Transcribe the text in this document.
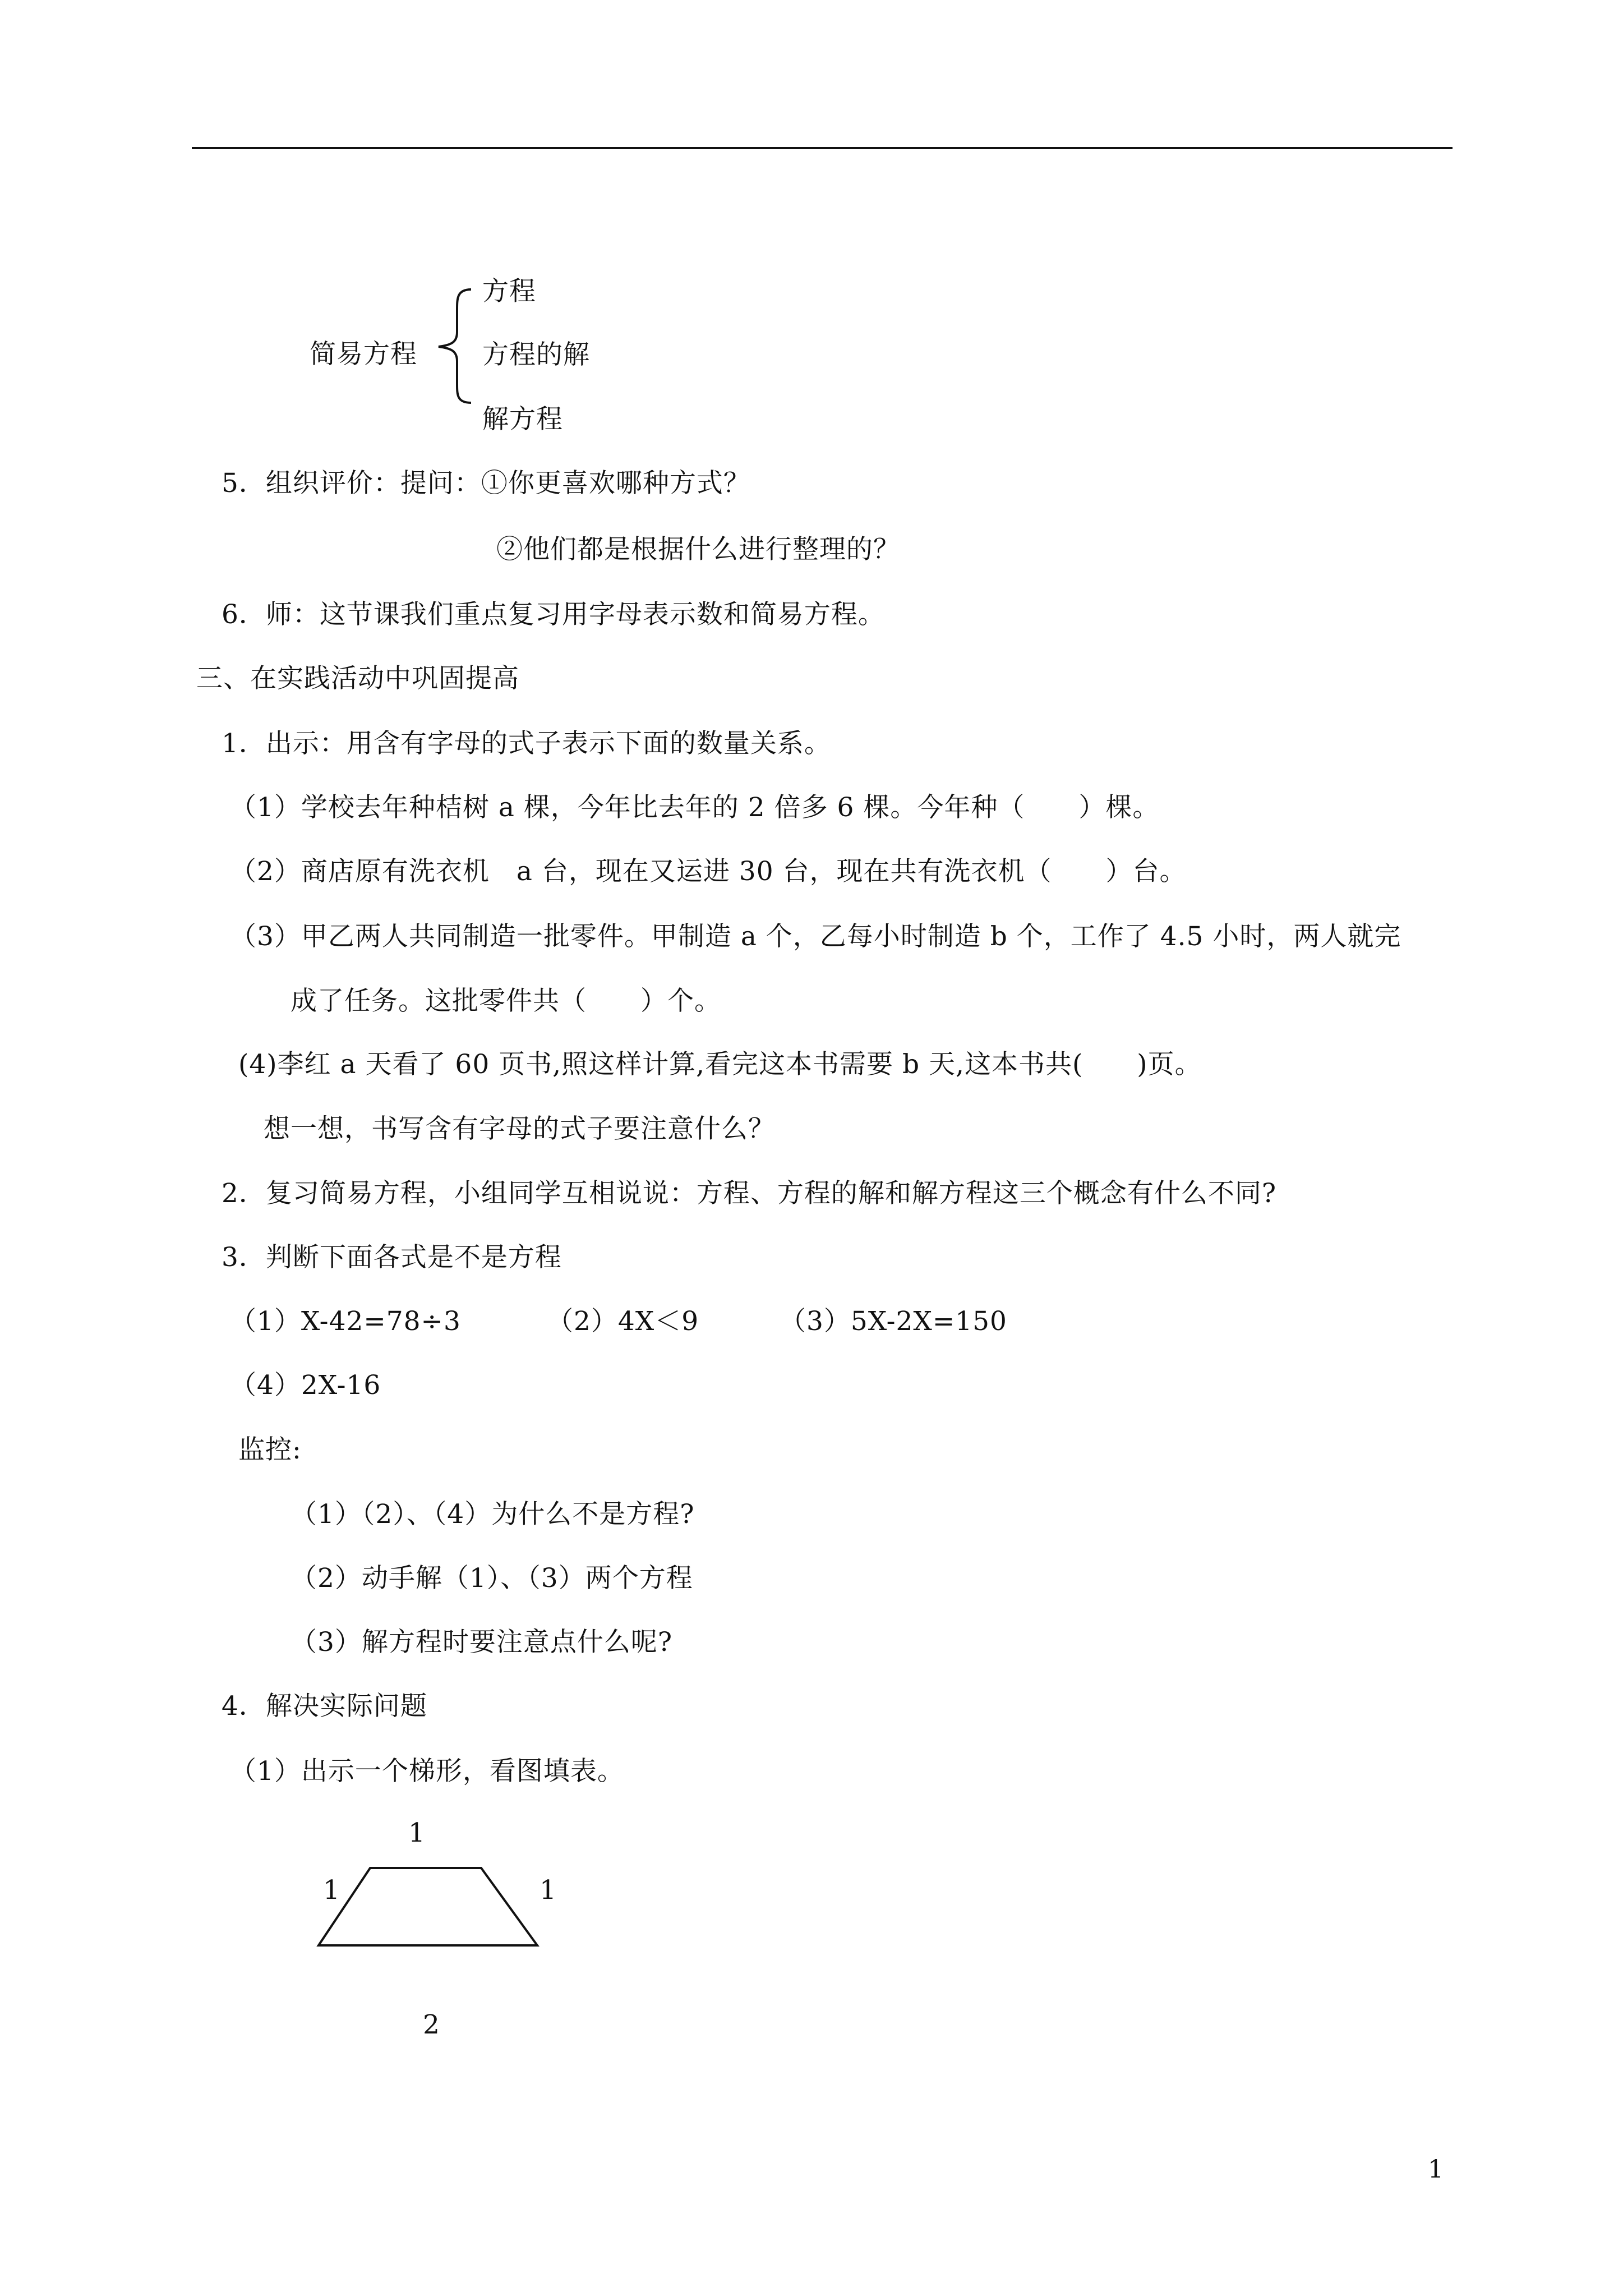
简易方程
方程
方程的解
解方程
5．组织评价：提问：①你更喜欢哪种方式？
②他们都是根据什么进行整理的？
6．师：这节课我们重点复习用字母表示数和简易方程。
三、在实践活动中巩固提高
1．出示：用含有字母的式子表示下面的数量关系。
（1）学校去年种桔树 a 棵，今年比去年的 2 倍多 6 棵。今年种（　　）棵。
（2）商店原有洗衣机　a 台，现在又运进 30 台，现在共有洗衣机（　　）台。
（3）甲乙两人共同制造一批零件。甲制造 a 个，乙每小时制造 b 个，工作了 4.5 小时，两人就完
成了任务。这批零件共（　　）个。
(4)李红 a 天看了 60 页书,照这样计算,看完这本书需要 b 天,这本书共(　　)页。
想一想，书写含有字母的式子要注意什么？
2．复习简易方程，小组同学互相说说：方程、方程的解和解方程这三个概念有什么不同?
3．判断下面各式是不是方程
（1）X-42=78÷3	（2）4X＜9	（3）5X-2X=150
（4）2X-16
监控:
（1）（2）、（4）为什么不是方程?
（2）动手解（1）、（3）两个方程
（3）解方程时要注意点什么呢?
4．解决实际问题
（1）出示一个梯形，看图填表。
1
1	1
2
1
